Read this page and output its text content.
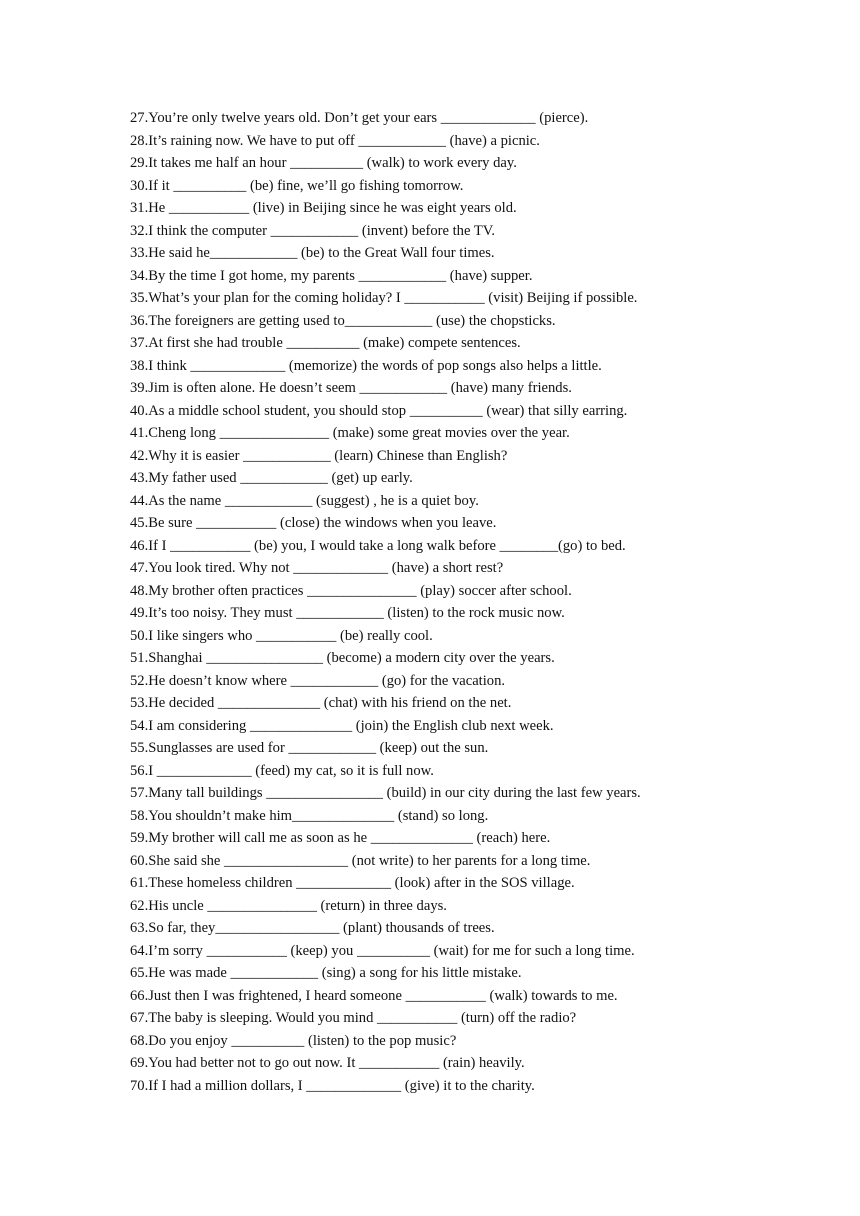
27.You’re only twelve years old. Don’t get your ears _____________ (pierce).
28.It’s raining now. We have to put off ____________ (have) a picnic.
29.It takes me half an hour __________ (walk) to work every day.
30.If it __________ (be) fine, we’ll go fishing tomorrow.
31.He ___________ (live) in Beijing since he was eight years old.
32.I think the computer ____________ (invent) before the TV.
33.He said he____________ (be) to the Great Wall four times.
34.By the time I got home, my parents ____________ (have) supper.
35.What’s your plan for the coming holiday? I ___________ (visit) Beijing if possible.
36.The foreigners are getting used to____________ (use) the chopsticks.
37.At first she had trouble __________ (make) compete sentences.
38.I think _____________ (memorize) the words of pop songs also helps a little.
39.Jim is often alone. He doesn’t seem ____________ (have) many friends.
40.As a middle school student, you should stop __________ (wear) that silly earring.
41.Cheng long _______________ (make) some great movies over the year.
42.Why it is easier ____________ (learn) Chinese than English?
43.My father used ____________ (get) up early.
44.As the name ____________ (suggest) , he is a quiet boy.
45.Be sure ___________ (close) the windows when you leave.
46.If I ___________ (be) you, I would take a long walk before ________(go) to bed.
47.You look tired. Why not _____________ (have) a short rest?
48.My brother often practices _______________ (play) soccer after school.
49.It’s too noisy. They must ____________ (listen) to the rock music now.
50.I like singers who ___________ (be) really cool.
51.Shanghai ________________ (become) a modern city over the years.
52.He doesn’t know where ____________ (go) for the vacation.
53.He decided ______________ (chat) with his friend on the net.
54.I am considering ______________ (join) the English club next week.
55.Sunglasses are used for ____________ (keep) out the sun.
56.I _____________ (feed) my cat, so it is full now.
57.Many tall buildings ________________ (build) in our city during the last few years.
58.You shouldn’t make him______________ (stand) so long.
59.My brother will call me as soon as he ______________ (reach) here.
60.She said she _________________ (not write) to her parents for a long time.
61.These homeless children _____________ (look) after in the SOS village.
62.His uncle _______________ (return) in three days.
63.So far, they_________________ (plant) thousands of trees.
64.I’m sorry ___________ (keep) you __________ (wait) for me for such a long time.
65.He was made ____________ (sing) a song for his little mistake.
66.Just then I was frightened, I heard someone ___________ (walk) towards to me.
67.The baby is sleeping. Would you mind ___________ (turn) off the radio?
68.Do you enjoy __________ (listen) to the pop music?
69.You had better not to go out now. It ___________ (rain) heavily.
70.If I had a million dollars, I _____________ (give) it to the charity.
